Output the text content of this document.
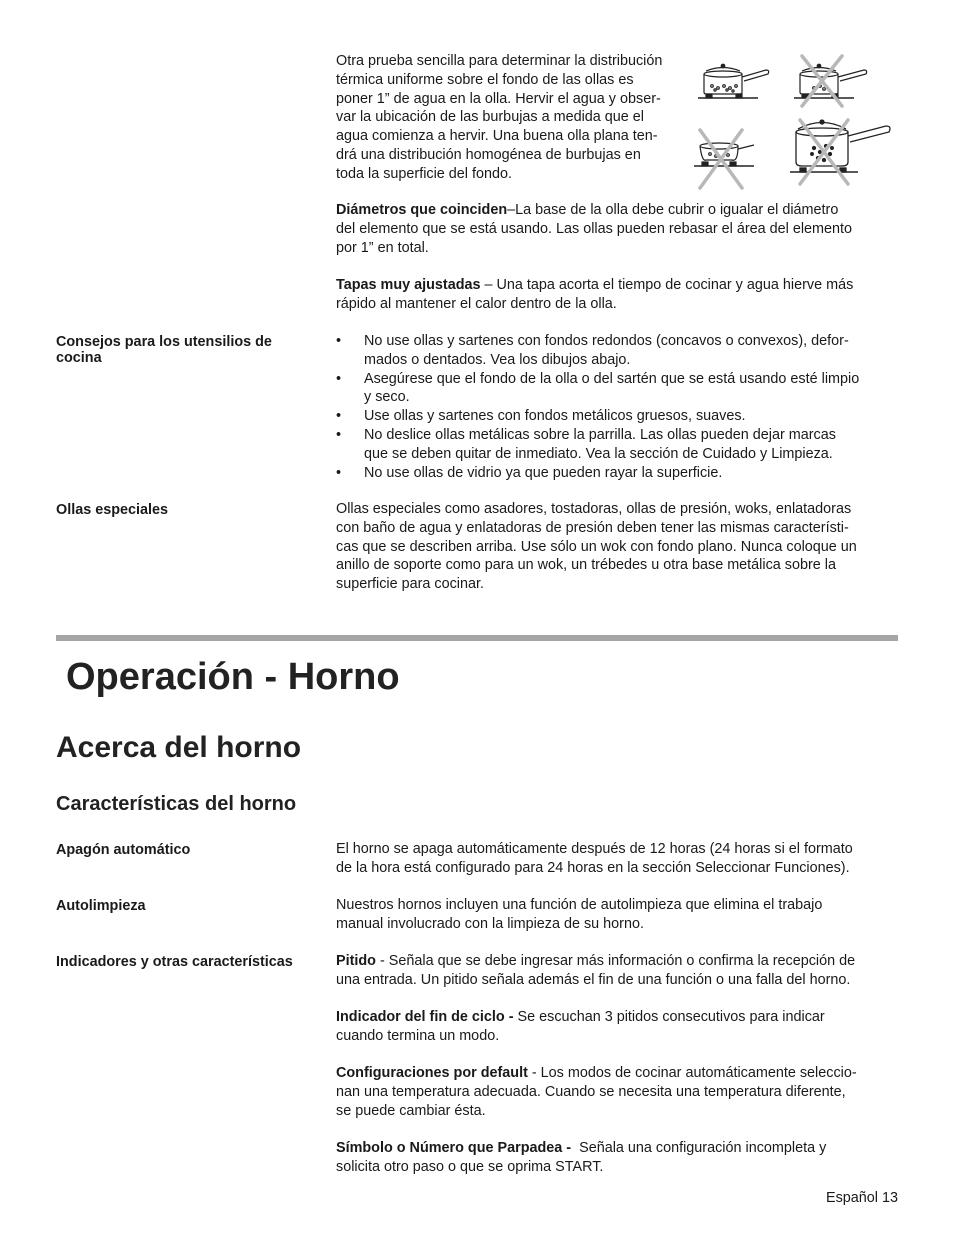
Otra prueba sencilla para determinar la distribución
térmica uniforme sobre el fondo de las ollas es
poner 1” de agua en la olla. Hervir el agua y obser-
var la ubicación de las burbujas a medida que el
agua comienza a hervir. Una buena olla plana ten-
drá una distribución homogénea de burbujas en
toda la superficie del fondo.
Diámetros que coinciden–La base de la olla debe cubrir o igualar el diámetro
del elemento que se está usando. Las ollas pueden rebasar el área del elemento
por 1” en total.
Tapas muy ajustadas – Una tapa acorta el tiempo de cocinar y agua hierve más
rápido al mantener el calor dentro de la olla.
Consejos para los utensilios de
cocina
•	No use ollas y sartenes con fondos redondos (concavos o convexos), defor-
mados o dentados. Vea los dibujos abajo.
•	Asegúrese que el fondo de la olla o del sartén que se está usando esté limpio
y seco.
•	Use ollas y sartenes con fondos metálicos gruesos, suaves.
•	No deslice ollas metálicas sobre la parrilla. Las ollas pueden dejar marcas
que se deben quitar de inmediato. Vea la sección de Cuidado y Limpieza.
•	No use ollas de vidrio ya que pueden rayar la superficie.
Ollas especiales	Ollas especiales como asadores, tostadoras, ollas de presión, woks, enlatadoras
con baño de agua y enlatadoras de presión deben tener las mismas característi-
cas que se describen arriba. Use sólo un wok con fondo plano. Nunca coloque un
anillo de soporte como para un wok, un trébedes u otra base metálica sobre la
superficie para cocinar.
Operación - Horno
Acerca del horno
Características del horno
Apagón automático	El horno se apaga automáticamente después de 12 horas (24 horas si el formato
de la hora está configurado para 24 horas en la sección Seleccionar Funciones).
Autolimpieza	Nuestros hornos incluyen una función de autolimpieza que elimina el trabajo
manual involucrado con la limpieza de su horno.
Indicadores y otras características	Pitido - Señala que se debe ingresar más información o confirma la recepción de
una entrada. Un pitido señala además el fin de una función o una falla del horno.
Indicador del fin de ciclo - Se escuchan 3 pitidos consecutivos para indicar
cuando termina un modo.
Configuraciones por default - Los modos de cocinar automáticamente seleccio-
nan una temperatura adecuada. Cuando se necesita una temperatura diferente,
se puede cambiar ésta.
Símbolo o Número que Parpadea -  Señala una configuración incompleta y
solicita otro paso o que se oprima START.
Español 13
